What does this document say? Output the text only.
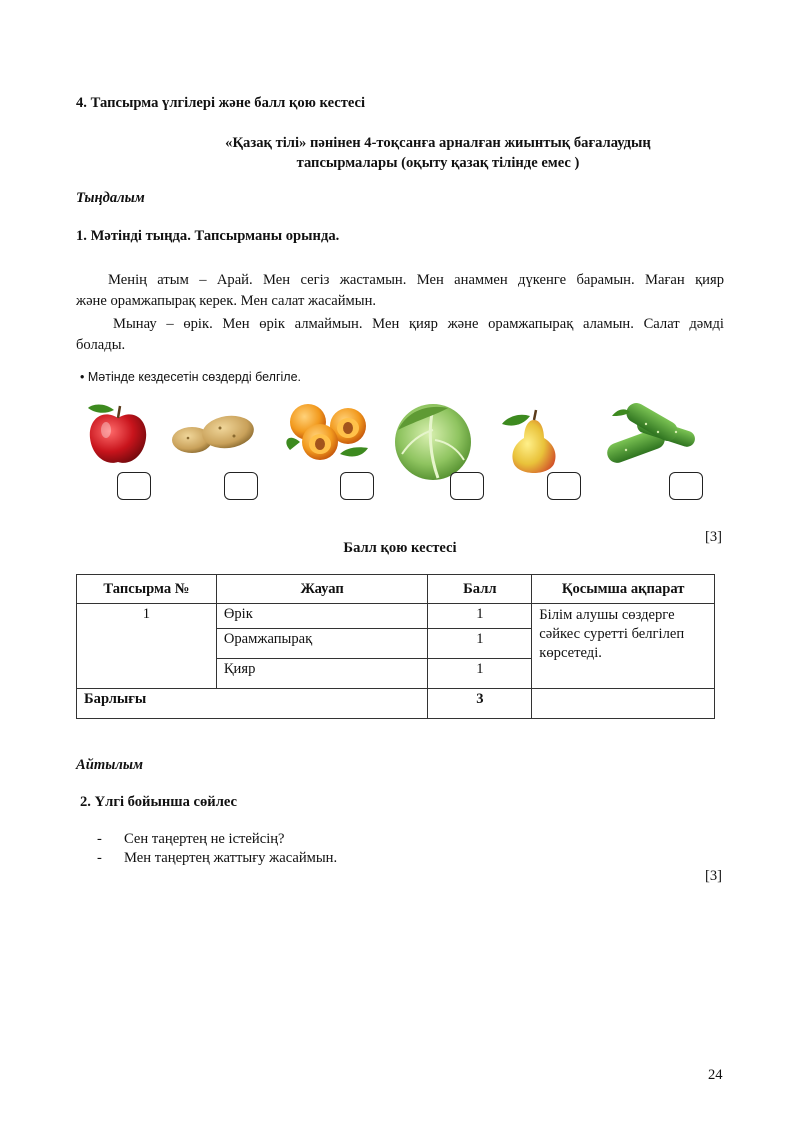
4. Тапсырма үлгілері және балл қою кестесі
«Қазақ тілі» пәнінен 4-тоқсанға арналған жиынтық бағалаудың
тапсырмалары (оқыту қазақ тілінде емес )
Тыңдалым
1. Мәтінді тыңда. Тапсырманы орында.
Менің атым – Арай. Мен сегіз жастамын. Мен анаммен дүкенге барамын. Маған қияр
және орамжапырақ керек. Мен салат жасаймын.
Мынау – өрік. Мен өрік алмаймын. Мен қияр және орамжапырақ аламын. Салат дәмді
болады.
• Мәтінде кездесетін сөздерді белгіле.
[3]
Балл қою кестесі
Тапсырма №	Жауап	Балл	Қосымша ақпарат
1	Өрік	1	Білім алушы сөздерге сәйкес суретті белгілеп көрсетеді.
	Орамжапырақ	1	
	Қияр	1	
Барлығы		3	
Айтылым
2. Үлгі бойынша сөйлес
- Сен таңертең не істейсің?
- Мен таңертең жаттығу жасаймын.
[3]
24
